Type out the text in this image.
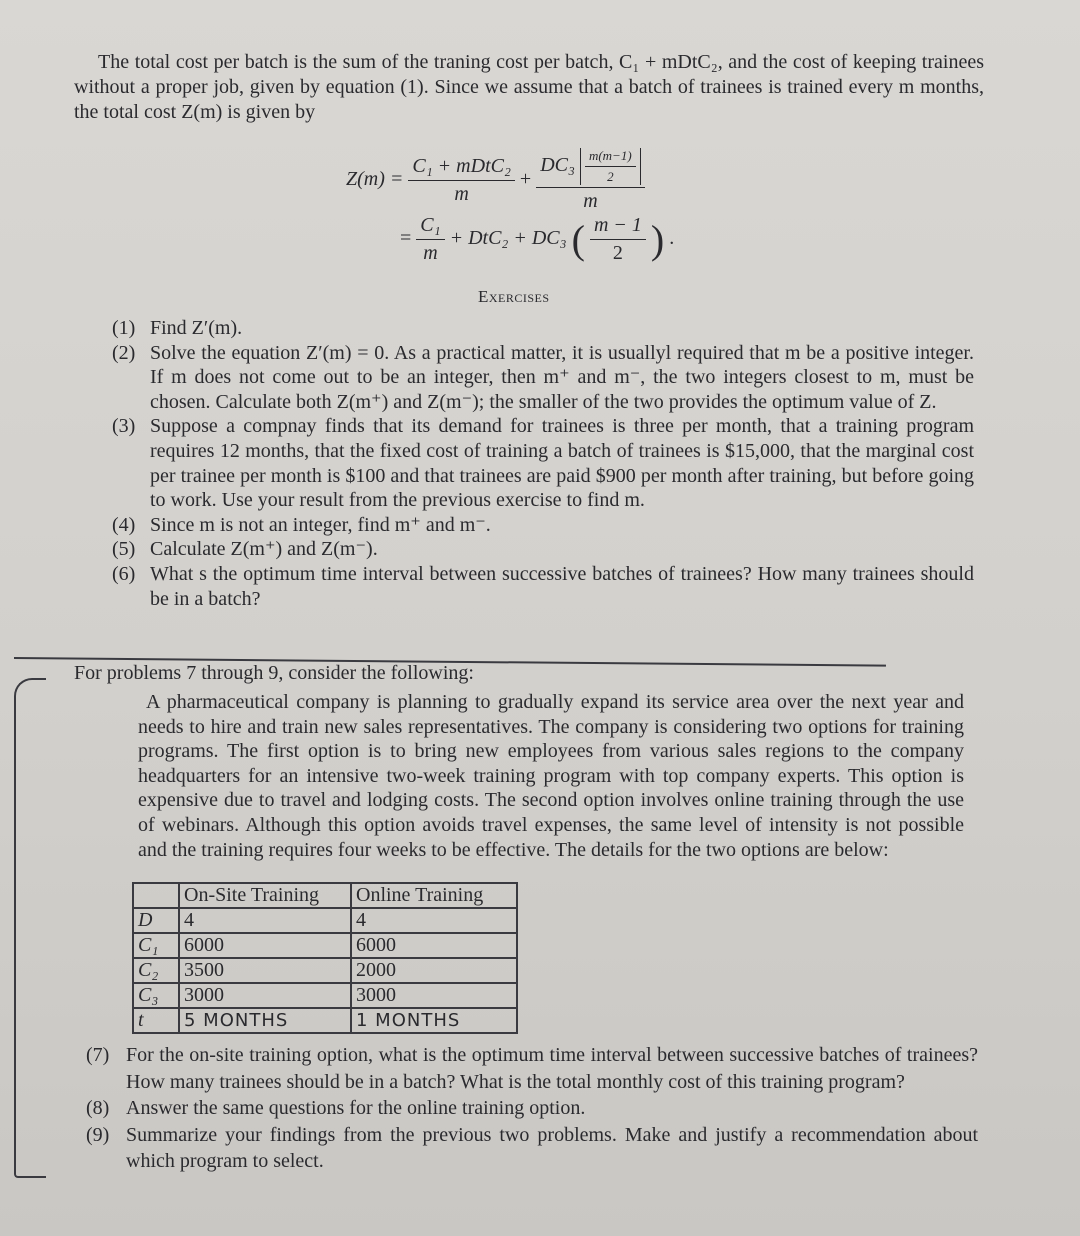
The total cost per batch is the sum of the traning cost per batch, C₁ + mDtC₂, and the cost of keeping trainees without a proper job, given by equation (1). Since we assume that a batch of trainees is trained every m months, the total cost Z(m) is given by

$Z(m) = \frac{\text{C₁ + mDtC₂}}{m}$ +
$DC_3 \frac{m(m-1)}{2}$
m
= $\frac{\text{C₁}}{m} + DtC_2 + DC_3$ ( $\frac{m - 1}{2}$ ) .
Exercises
(1) Find Z′(m).
(2) Solve the equation Z′(m) = 0. As a practical matter, it is usuallyl required that m be a positive integer. If m does not come out to be an integer, then m⁺ and m⁻, the two integers closest to m, must be chosen. Calculate both Z(m⁺) and Z(m⁻); the smaller of the two provides the optimum value of Z.
(3) Suppose a compnay finds that its demand for trainees is three per month, that a training program requires 12 months, that the fixed cost of training a batch of trainees is $15,000, that the marginal cost per trainee per month is $100 and that trainees are paid $900 per month after training, but before going to work. Use your result from the previous exercise to find m.
(4) Since m is not an integer, find m⁺ and m⁻.
(5) Calculate Z(m⁺) and Z(m⁻).
(6) What s the optimum time interval between successive batches of trainees? How many trainees should be in a batch?
For problems 7 through 9, consider the following:
A pharmaceutical company is planning to gradually expand its service area over the next year and needs to hire and train new sales representatives. The company is considering two options for training programs. The first option is to bring new employees from various sales regions to the company headquarters for an intensive two-week training program with top company experts. This option is expensive due to travel and lodging costs. The second option involves online training through the use of webinars. Although this option avoids travel expenses, the same level of intensity is not possible and the training requires four weeks to be effective. The details for the two options are below:
	On-Site Training	Online Training
D	4	4
C₁	6000	6000
C₂	3500	2000
C₃	3000	3000
t	5 MONTHS	1 MONTHS
(7) For the on-site training option, what is the optimum time interval between successive batches of trainees? How many trainees should be in a batch? What is the total monthly cost of this training program?
(8) Answer the same questions for the online training option.
(9) Summarize your findings from the previous two problems. Make and justify a recommendation about which program to select.
